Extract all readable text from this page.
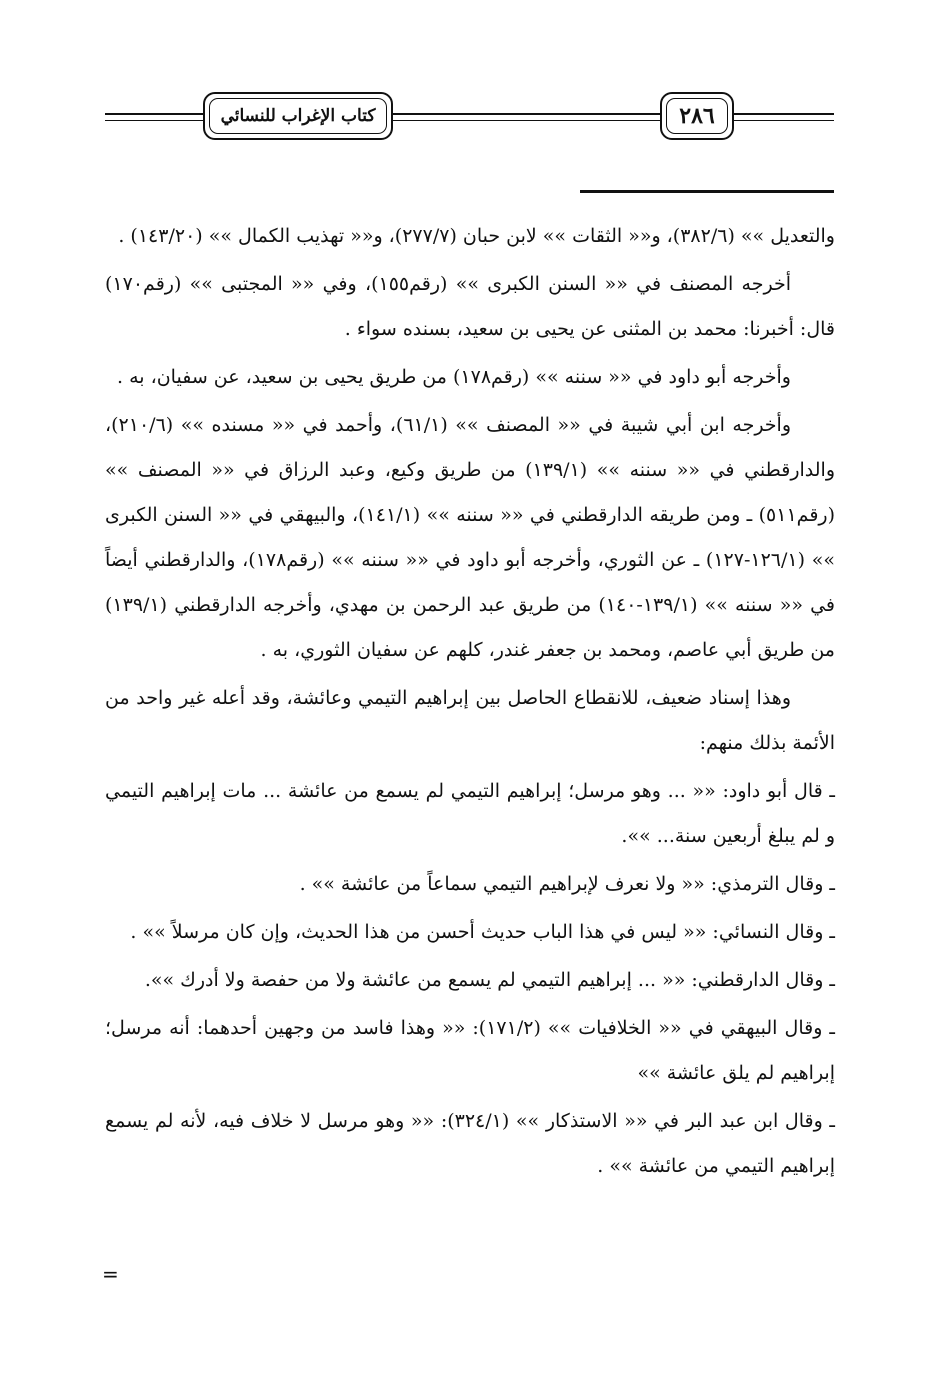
كتاب الإغراب للنسائي	٢٨٦

والتعديل »» (٣٨٢/٦)، و«« الثقات »» لابن حبان (٢٧٧/٧)، و«« تهذيب الكمال »» (١٤٣/٢٠) .

أخرجه المصنف في «« السنن الكبرى »» (رقم١٥٥)، وفي «« المجتبى »» (رقم١٧٠) قال: أخبرنا: محمد بن المثنى عن يحيى بن سعيد، بسنده سواء .

وأخرجه أبو داود في «« سننه »» (رقم١٧٨) من طريق يحيى بن سعيد، عن سفيان، به .

وأخرجه ابن أبي شيبة في «« المصنف »» (٦١/١)، وأحمد في «« مسنده »» (٢١٠/٦)، والدارقطني في «« سننه »» (١٣٩/١) من طريق وكيع، وعبد الرزاق في «« المصنف »» (رقم٥١١) ـ ومن طريقه الدارقطني في «« سننه »» (١٤١/١)، والبيهقي في «« السنن الكبرى »» (١٢٦/١-١٢٧) ـ عن الثوري، وأخرجه أبو داود في «« سننه »» (رقم١٧٨)، والدارقطني أيضاً في «« سننه »» (١٣٩/١-١٤٠) من طريق عبد الرحمن بن مهدي، وأخرجه الدارقطني (١٣٩/١) من طريق أبي عاصم، ومحمد بن جعفر غندر، كلهم عن سفيان الثوري، به .

وهذا إسناد ضعيف، للانقطاع الحاصل بين إبراهيم التيمي وعائشة، وقد أعله غير واحد من الأئمة بذلك منهم:

ـ قال أبو داود: «« ... وهو مرسل؛ إبراهيم التيمي لم يسمع من عائشة ... مات إبراهيم التيمي و لم يبلغ أربعين سنة... »».

ـ وقال الترمذي: «« ولا نعرف لإبراهيم التيمي سماعاً من عائشة »» .

ـ وقال النسائي: «« ليس في هذا الباب حديث أحسن من هذا الحديث، وإن كان مرسلاً »» .

ـ وقال الدارقطني: «« ... إبراهيم التيمي لم يسمع من عائشة ولا من حفصة ولا أدرك »».

ـ وقال البيهقي في «« الخلافيات »» (١٧١/٢): «« وهذا فاسد من وجهين أحدهما: أنه مرسل؛ إبراهيم لم يلق عائشة »»

ـ وقال ابن عبد البر في «« الاستذكار »» (٣٢٤/١): «« وهو مرسل لا خلاف فيه، لأنه لم يسمع إبراهيم التيمي من عائشة »» .

=
